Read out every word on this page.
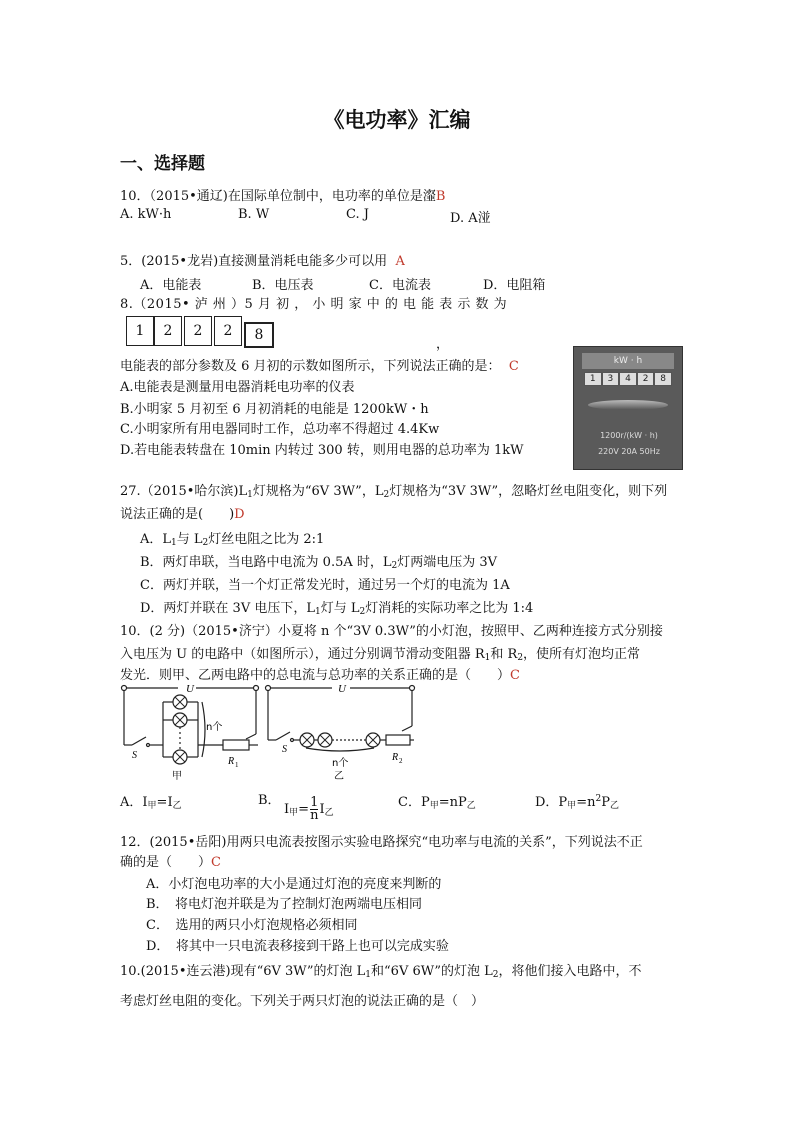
《电功率》汇编
一、选择题
10．（2015•通辽)在国际单位制中，电功率的单位是瀣B
A. kW·h	B. W	C. J	D. A湴
5．(2015•龙岩)直接测量消耗电能多少可以用 A
A．电能表	B．电压表	C．电流表	D．电阻箱
8.（2015• 泸 州 ）5 月 初 ， 小 明 家 中 的 电 能 表 示 数 为
1	2	2	2	8
，
电能表的部分参数及 6 月初的示数如图所示，下列说法正确的是： C
A.电能表是测量用电器消耗电功率的仪表
B.小明家 5 月初至 6 月初消耗的电能是 1200kW・h
C.小明家所有用电器同时工作，总功率不得超过 4.4Kw
D.若电能表转盘在 10min 内转过 300 转，则用电器的总功率为 1kW
kW · h
1	3	4	2	8
1200r/(kW · h)
220V 20A 50Hz
27.（2015•哈尔滨)$L_1$灯规格为“6V 3W”，$L_2$灯规格为“3V 3W”，忽略灯丝电阻变化，则下列
说法正确的是(　　)D
A．$L_1$与 $L_2$灯丝电阻之比为 2:1
B．两灯串联，当电路中电流为 0.5A 时，$L_2$灯两端电压为 3V
C．两灯并联，当一个灯正常发光时，通过另一个灯的电流为 1A
D．两灯并联在 3V 电压下，$L_1$灯与 $L_2$灯消耗的实际功率之比为 1:4
10．(2 分)（2015•济宁）小夏将 n 个“3V 0.3W”的小灯泡，按照甲、乙两种连接方式分别接
入电压为 U 的电路中（如图所示），通过分别调节滑动变阻器 $R_1$和 $R_2$，使所有灯泡均正常
发光．则甲、乙两电路中的总电流与总功率的关系正确的是（　　）C
U
n个
S
R 1
甲
U
S
R 2
n个
乙
A．$I_甲=I_乙$	B．
$I_甲= \frac{1}{n} I_乙$
C．$P_甲=nP_乙$	D．$P_甲=n^2P_乙$
12．(2015•岳阳)用两只电流表按图示实验电路探究“电功率与电流的关系”，下列说法不正
确的是（　　）C
A．小灯泡电功率的大小是通过灯泡的亮度来判断的
B．　将电灯泡并联是为了控制灯泡两端电压相同
C．　选用的两只小灯泡规格必须相同
D．　将其中一只电流表移接到干路上也可以完成实验
10.(2015•连云港)现有“6V 3W”的灯泡 $L_1$和“6V 6W”的灯泡 $L_2$，将他们接入电路中，不
考虑灯丝电阻的变化。下列关于两只灯泡的说法正确的是（　）
